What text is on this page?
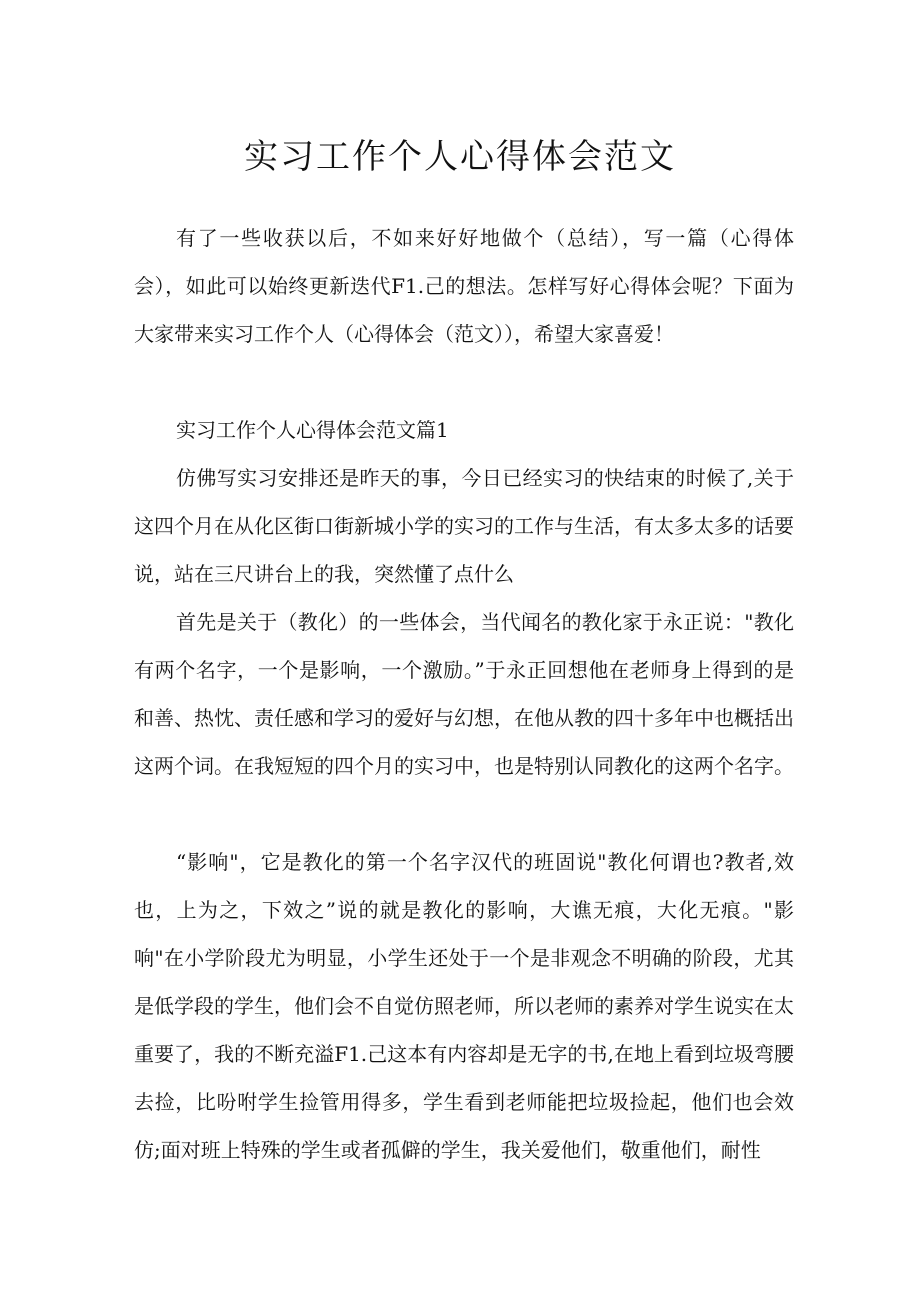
实习工作个人心得体会范文

有了一些收获以后，不如来好好地做个（总结），写一篇（心得体会），如此可以始终更新迭代F1.己的想法。怎样写好心得体会呢？下面为大家带来实习工作个人（心得体会（范文）），希望大家喜爱！

实习工作个人心得体会范文篇1

仿佛写实习安排还是昨天的事，今日已经实习的快结束的时候了,关于这四个月在从化区街口街新城小学的实习的工作与生活，有太多太多的话要说，站在三尺讲台上的我，突然懂了点什么

首先是关于（教化）的一些体会，当代闻名的教化家于永正说："教化有两个名字，一个是影响，一个激励。”于永正回想他在老师身上得到的是和善、热忱、责任感和学习的爱好与幻想，在他从教的四十多年中也概括出这两个词。在我短短的四个月的实习中，也是特别认同教化的这两个名字。

“影响"，它是教化的第一个名字汉代的班固说"教化何谓也?教者,效也，上为之，下效之”说的就是教化的影响，大谯无痕，大化无痕。"影响"在小学阶段尤为明显，小学生还处于一个是非观念不明确的阶段，尤其是低学段的学生，他们会不自觉仿照老师，所以老师的素养对学生说实在太重要了，我的不断充溢F1.己这本有内容却是无字的书,在地上看到垃圾弯腰去捡，比吩咐学生捡管用得多，学生看到老师能把垃圾捡起，他们也会效仿;面对班上特殊的学生或者孤僻的学生，我关爱他们，敬重他们，耐性
